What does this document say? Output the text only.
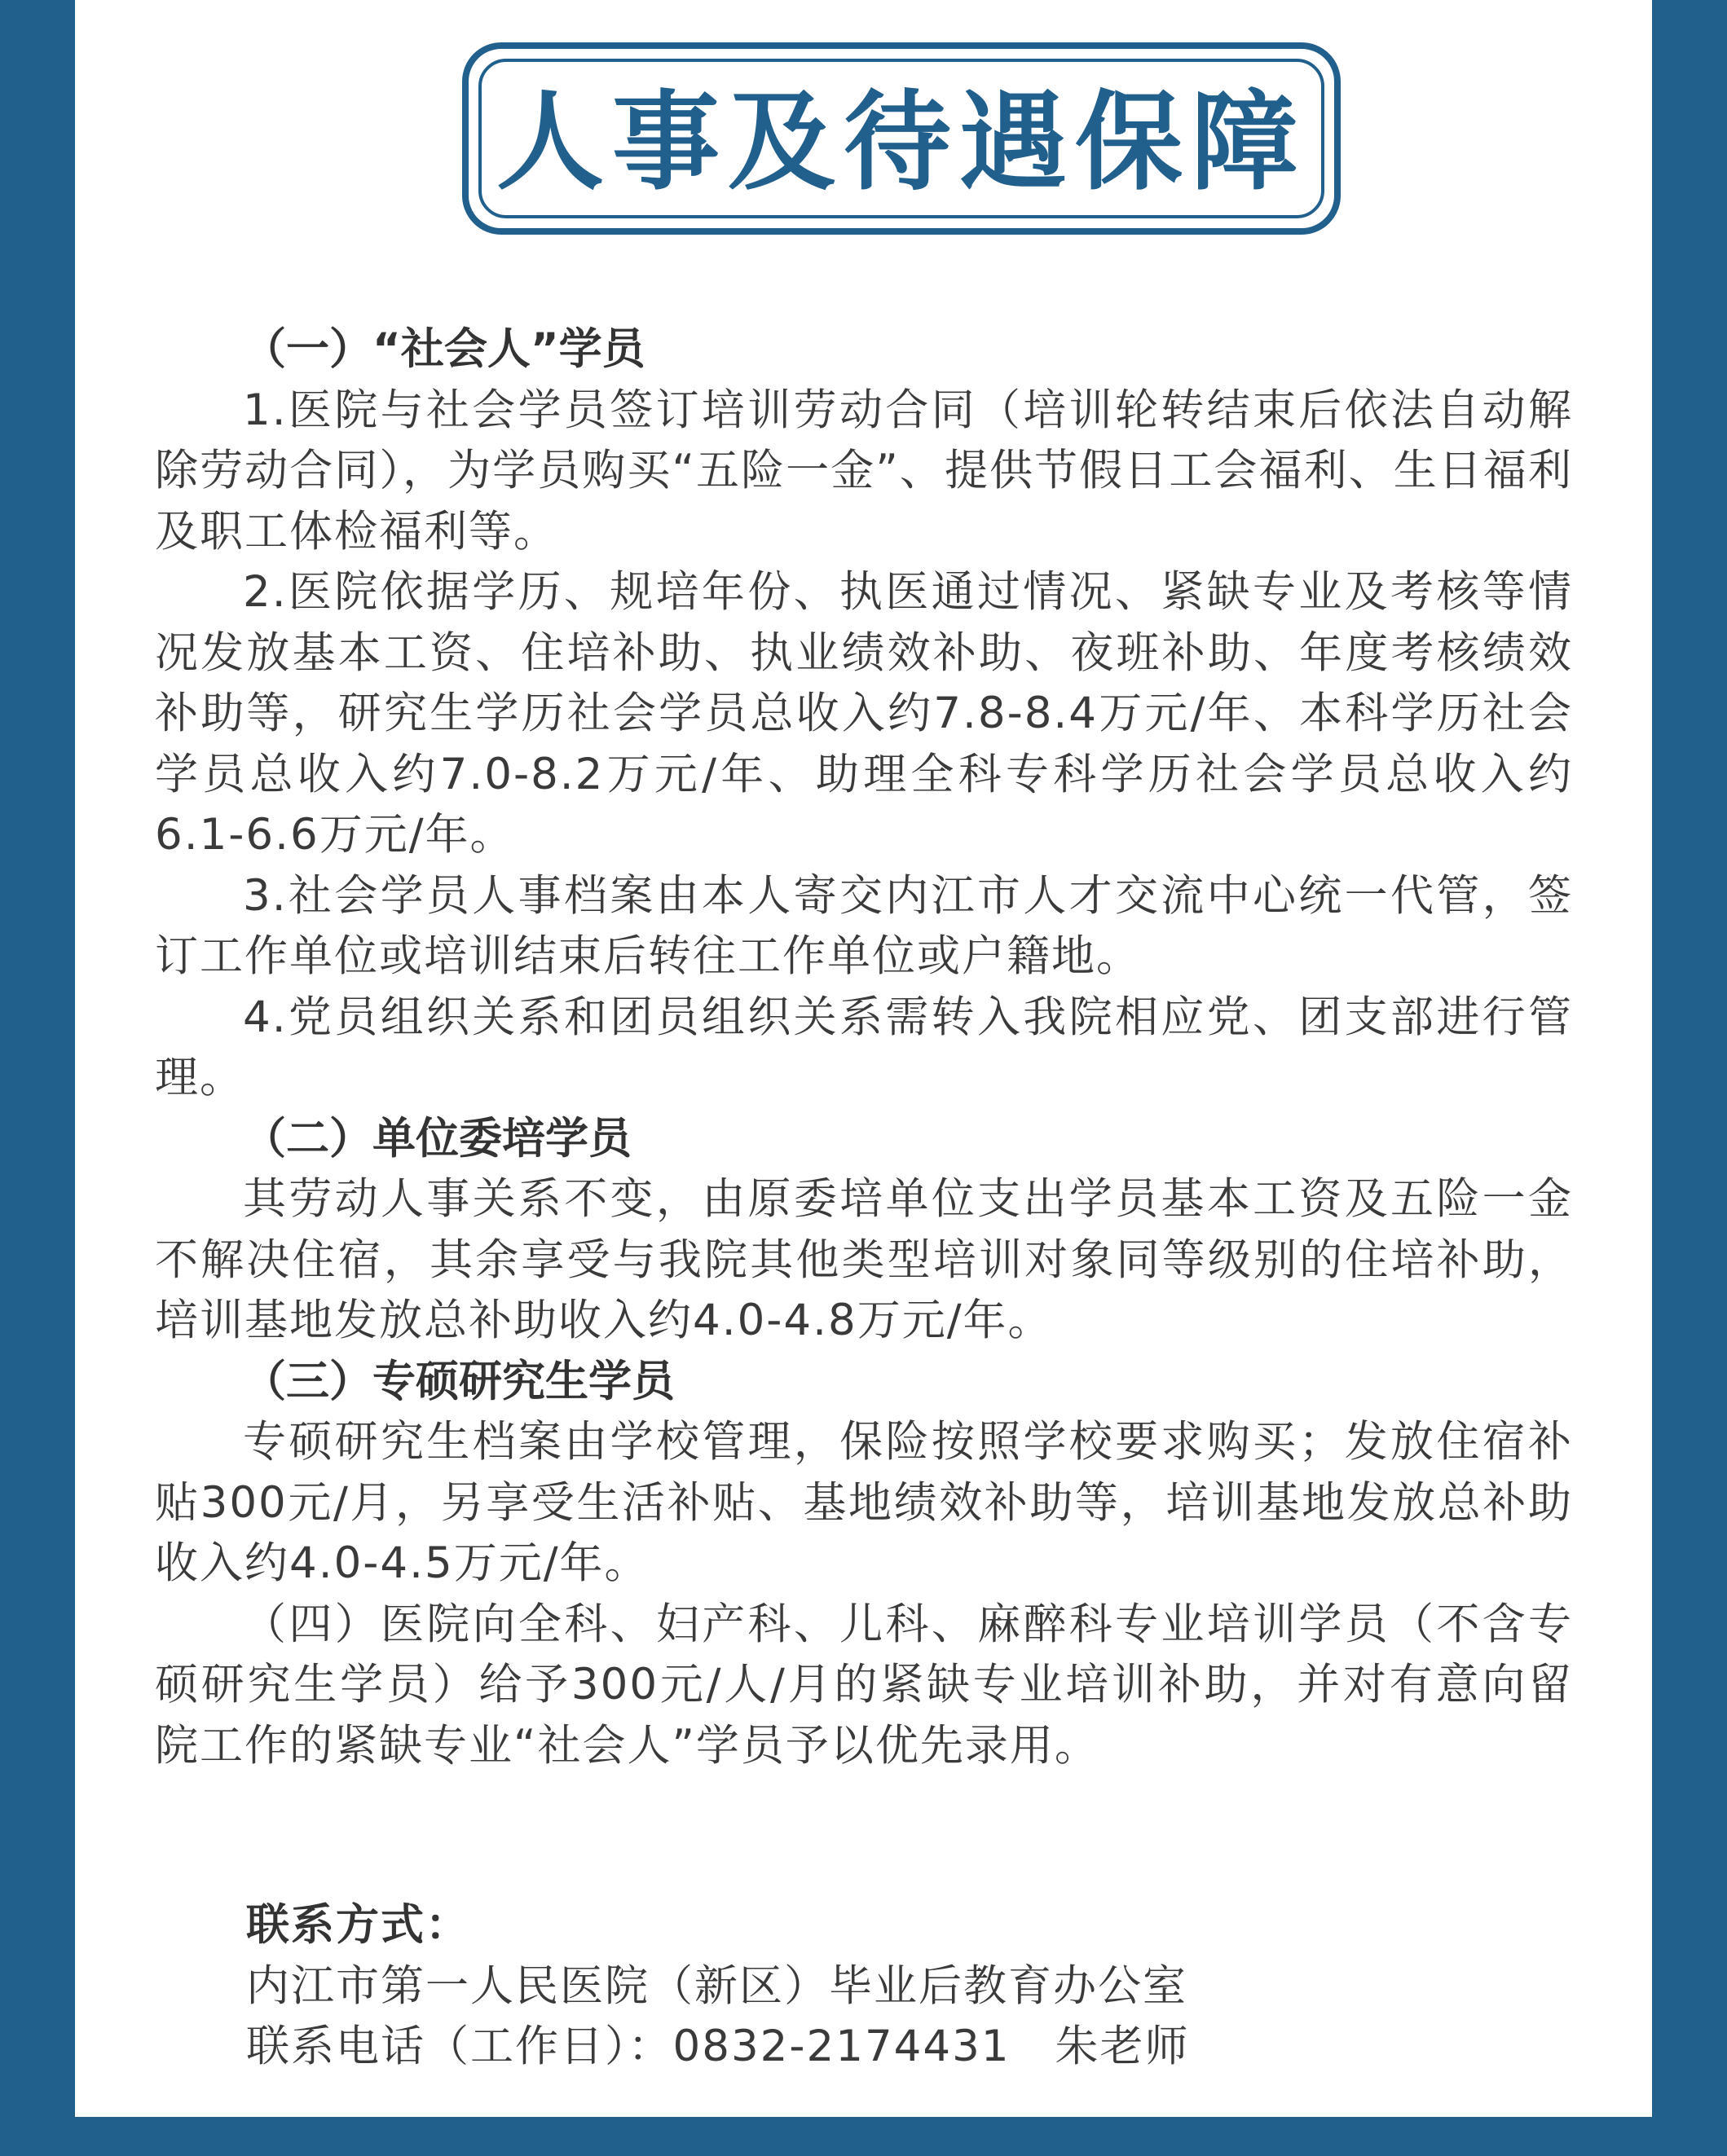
人事及待遇保障
（一）“社会人”学员
1.医院与社会学员签订培训劳动合同（培训轮转结束后依法自动解除劳动合同），为学员购买“五险一金”、提供节假日工会福利、生日福利及职工体检福利等。
2.医院依据学历、规培年份、执医通过情况、紧缺专业及考核等情况发放基本工资、住培补助、执业绩效补助、夜班补助、年度考核绩效补助等，研究生学历社会学员总收入约7.8-8.4万元/年、本科学历社会学员总收入约7.0-8.2万元/年、助理全科专科学历社会学员总收入约6.1-6.6万元/年。
3.社会学员人事档案由本人寄交内江市人才交流中心统一代管，签订工作单位或培训结束后转往工作单位或户籍地。
4.党员组织关系和团员组织关系需转入我院相应党、团支部进行管理。
（二）单位委培学员
其劳动人事关系不变，由原委培单位支出学员基本工资及五险一金不解决住宿，其余享受与我院其他类型培训对象同等级别的住培补助，培训基地发放总补助收入约4.0-4.8万元/年。
（三）专硕研究生学员
专硕研究生档案由学校管理，保险按照学校要求购买；发放住宿补贴300元/月，另享受生活补贴、基地绩效补助等，培训基地发放总补助收入约4.0-4.5万元/年。
（四）医院向全科、妇产科、儿科、麻醉科专业培训学员（不含专硕研究生学员）给予300元/人/月的紧缺专业培训补助，并对有意向留院工作的紧缺专业“社会人”学员予以优先录用。
联系方式：
内江市第一人民医院（新区）毕业后教育办公室
联系电话（工作日）：0832-2174431　朱老师
